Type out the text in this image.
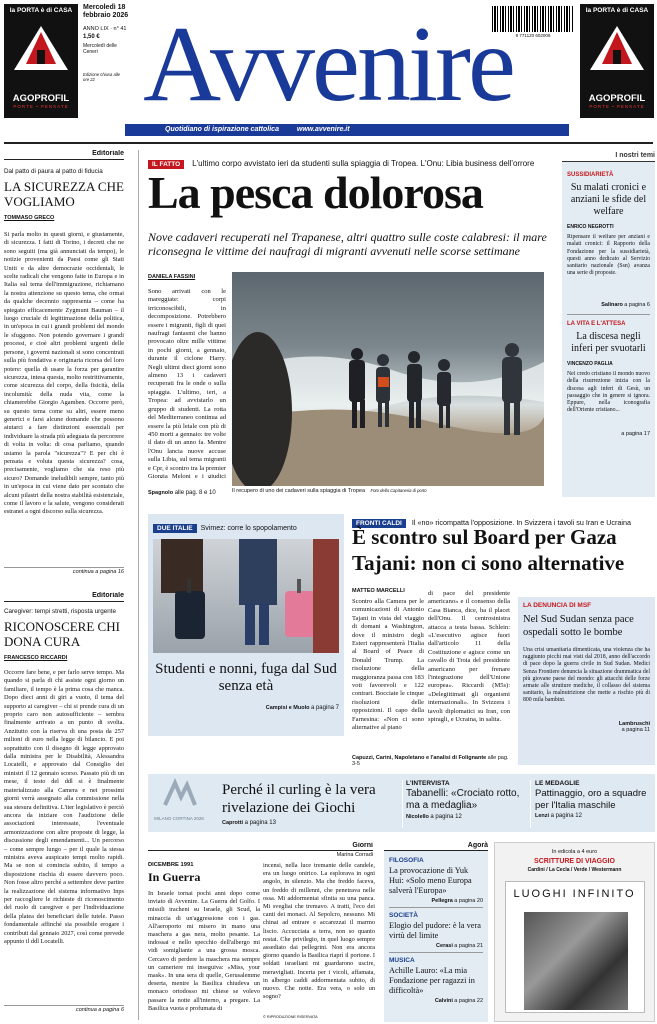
la PORTA è di CASA
AGOPROFIL
PORTE • PENSATE
la PORTA è di CASA
AGOPROFIL
PORTE • PENSATE
Mercoledì 18 febbraio 2026
ANNO LIX · n° 41
1,50 €
Mercoledì delle Ceneri
Edizione chiusa alle ore 22
9 771120 602009
Avvenire
Quotidiano di ispirazione cattolica	www.avvenire.it
Editoriale
Dal patto di paura al patto di fiducia
LA SICUREZZA CHE VOGLIAMO
TOMMASO GRECO
Si parla molto in questi giorni, e giustamente, di sicurezza. I fatti di Torino, i decreti che ne sono seguiti (ma già annunciati da tempo), le notizie provenienti da Paesi come gli Stati Uniti e da altre democrazie occidentali, le scelte radicali che vengono fatte in Europa e in Italia sul tema dell'immigrazione, richiamano la nostra attenzione su questo tema, che ormai da qualche decennio rappresenta – come ha spiegato efficacemente Zygmunt Bauman – il luogo cruciale di legittimazione della politica, in un'epoca in cui i grandi problemi del mondo le sfuggono. Non potendo governare i grandi processi, e cioè altri problemi urgenti delle persone, i governi nazionali si sono concentrati sulla più fondativa e originaria ricorsa del loro potere: quella di usare la forza per garantire sicurezza, intesa questa, molto restrittivamente, come sicurezza del corpo, della fisicità, della incolumità: della nuda vita, come la chiamerebbe Giorgio Agamben. Occorre però, su questo tema come su altri, essere meno generici e farsi alcune domande che possono aiutarci a fare distinzioni essenziali per individuare la strada più adeguata da percorrere di volta in volta: di cosa parliamo, quando usiamo la parola "sicurezza"? E per chi è pensata e voluta questa sicurezza? cosa, precisamente, vogliamo che sia reso più sicuro? Domande ineludibili sempre, tanto più in un'epoca in cui viene dato per scontato che alcuni pilastri della nostra stabilità esistenziale, come il lavoro e la salute, vengono considerati estranei a ogni discorso sulla sicurezza.
continua a pagina 16
Editoriale
Caregiver: tempi stretti, risposta urgente
RICONOSCERE CHI DONA CURA
FRANCESCO RICCARDI
Occorre fare bene, e per farlo serve tempo. Ma quando si parla di chi assiste ogni giorno un familiare, il tempo è la prima cosa che manca. Dopo dieci anni di giri a vuoto, il tema del supporto ai caregiver – chi si prende cura di un proprio caro non autosufficiente – sembra finalmente arrivato a un punto di svolta. Anzitutto con la riserva di una posta da 257 milioni di euro nella legge di bilancio. E poi soprattutto con il disegno di legge approvato dalla ministra per le Disabilità, Alessandra Locatelli, e approvato dal Consiglio dei ministri il 12 gennaio scorso. Passato più di un mese, il testo del ddl si è finalmente materializzato alla Camera e nei prossimi giorni verrà assegnato alla commissione nella sua stesura definitiva. L'iter legislativo è perciò ancora da iniziare con l'audizione delle associazioni interessate, l'eventuale armonizzazione con altre proposte di legge, la discussione degli emendamenti... Un percorso – come sempre lungo – per il quale la stessa ministra aveva auspicato tempi molto rapidi. Ma se non si comincia subito, il tempo a disposizione rischia di essere davvero poco. Non fosse altro perché a settembre deve partire la realizzazione del sistema informativo Inps per raccogliere le richieste di riconoscimento del ruolo di caregiver e per l'individuazione della platea dei beneficiari delle tutele. Passo fondamentale affinché sia possibile erogare i contributi dal gennaio 2027, così come prevede appunto il ddl Locatelli.
continua a pagina 6
IL FATTO L'ultimo corpo avvistato ieri da studenti sulla spiaggia di Tropea. L'Onu: Libia business dell'orrore
La pesca dolorosa
Nove cadaveri recuperati nel Trapanese, altri quattro sulle coste calabresi: il mare riconsegna le vittime dei naufragi di migranti avvenuti nelle scorse settimane
DANIELA FASSINI
Sono arrivati con le mareggiate: corpi irriconoscibili, in decomposizione. Potrebbero essere i migranti, figli di quei naufragi fantasmi che hanno provocato oltre mille vittime in pochi giorni, a gennaio, durante il ciclone Harry. Negli ultimi dieci giorni sono almeno 13 i cadaveri recuperati fra le onde o sulla spiaggia. L'ultimo, ieri, a Tropea: ad avvistarlo un gruppo di studenti. La rotta del Mediterraneo continua ad essere la più letale con più di 450 morti a gennaio: tre volte il dato di un anno fa. Mentre l'Onu lancia nuove accuse sulla Libia, sul tema migranti e Cpr, è scontro tra la premier Giorgia Meloni e i giudici
Spagnolo alle pag. 8 e 10	Il recupero di uno dei cadaveri sulla spiaggia di Tropea Foto della Capitaneria di porto
I nostri temi
SUSSIDIARIETÀ
Su malati cronici e anziani le sfide del welfare
ENRICO NEGROTTI
Ripensare il welfare per anziani e malati cronici: il Rapporto della Fondazione per la sussidiarietà, questi anno dedicato al Servizio sanitario nazionale (Ssn) avanza una serie di proposte.
Salinaro a pagina 6
LA VITA E L'ATTESA
La discesa negli inferi per svuotarli
VINCENZO PAGLIA
Nel credo cristiano il mondo nuovo della risurrezione inizia con la discesa agli inferi di Gesù, un passaggio che in genere si ignora. Eppure, nella iconografia dell'Oriente cristiano...
a pagina 17
DUE ITALIE Svimez: corre lo spopolamento
Studenti e nonni, fuga dal Sud senza età
Campisi e Muolo a pagina 7
FRONTI CALDI Il «no» ricompatta l'opposizione. In Svizzera i tavoli su Iran e Ucraina
È scontro sul Board per Gaza Tajani: non ci sono alternative
MATTEO MARCELLI
Scontro alla Camera per le comunicazioni di Antonio Tajani in vista del viaggio di domani a Washington, dove il ministro degli Esteri rappresenterà l'Italia al Board of Peace di Donald Trump. La risoluzione della maggioranza passa con 183 voti favorevoli e 122 contrari. Bocciate le cinque risoluzioni delle opposizioni. Il capo della Farnesina: «Non ci sono alternative al piano
di pace del presidente americano» e il consenso della Casa Bianca, dice, ha il placet dell'Onu. Il centrosinistra attacca a testa bassa. Schlein: «L'esecutivo agisce fuori dall'articolo 11 della Costituzione e agisce come un cavallo di Troia del presidente americano per frenare l'integrazione dell'Unione europea». Riccardi (M5s): «Delegittimati gli organismi internazionali». In Svizzera i tavoli diplomatici su Iran, con spiragli, e Ucraina, in salita.
Capuzzi, Carini, Napoletano e l'analisi di Folignante alle pag. 3-5
LA DENUNCIA DI MSF
Nel Sud Sudan senza pace ospedali sotto le bombe
Una crisi umanitaria dimenticata, una violenza che ha raggiunto picchi mai visti dal 2018, anno dell'accordo di pace dopo la guerra civile in Sud Sudan. Medici Senza Frontiere denuncia la situazione drammatica del più giovane paese del mondo: gli attacchi delle forze armate alle strutture mediche, il collasso del sistema sanitario, la malnutrizione che mette a rischio più di 800 mila bambini.
Lambruschi
a pagina 11
MILANO CORTINA 2026
Perché il curling è la vera rivelazione dei Giochi
Caprotti a pagina 13
L'INTERVISTA
Tabanelli: «Crociato rotto, ma a medaglia»
Nicolello a pagina 12
LE MEDAGLIE
Pattinaggio, oro a squadre per l'Italia maschile
Lenzi a pagina 12
Giorni
Marina Corradi
DICEMBRE 1991
In Guerra
In Israele tornai pochi anni dopo come inviato di Avvenire. La Guerra del Golfo. I missili iracheni su Israele, gli Scud, la minaccia di un'aggressione con i gas. All'aeroporto mi misero in mano una maschera a gas nera, molto pesante. La indossai e nello specchio dell'albergo mi vidi somigliante a una grossa mosca. Cercavo di perdere la maschera ma sempre un cameriere mi inseguiva: «Miss, your mask». In una sera di quelle, Gerusalemme deserta, mentre la Basilica chiudeva un monaco ortodosso mi chiese se volevo passare la notte all'interno, a pregare. La Basilica vuota e profumata di
incensi, nella luce tremante delle candele, era un luogo onirico. La esplorava in ogni angolo, in silenzio. Ma che freddo faceva, un freddo di millenni, che penetrava nelle ossa. Mi addormentai sfinita su una panca. Mi svegliai che tremavo. A tratti, l'eco dei canti dei monaci. Al Sepolcro, nessuno. Mi chinai ad entrare e accarezzai il marmo liscio. Accucciata a terra, non so quanto restai. Che privilegio, in quel luogo sempre assediato dai pellegrini. Non era ancora giorno quando la Basilica riaprì il portone. I soldati israeliani mi guardarono uscire, meravigliati. Incerta per i vicoli, affamata, in albergo caddi addormentata subito, di nuovo. Che notte. Era vera, o solo un sogno?
© RIPRODUZIONE RISERVATA
Agorà
FILOSOFIA
La provocazione di Yuk Hui: «Solo meno Europa salverà l'Europa»
Pellegra a pagina 20
SOCIETÀ
Elogio del pudore: è la vera virtù del limite
Cerasi a pagina 21
MUSICA
Achille Lauro: «La mia Fondazione per ragazzi in difficoltà»
Calvini a pagina 22
In edicola a 4 euro
SCRITTURE DI VIAGGIO
Cardini / La Cecla / Verde / Westermann
LUOGHI INFINITO
